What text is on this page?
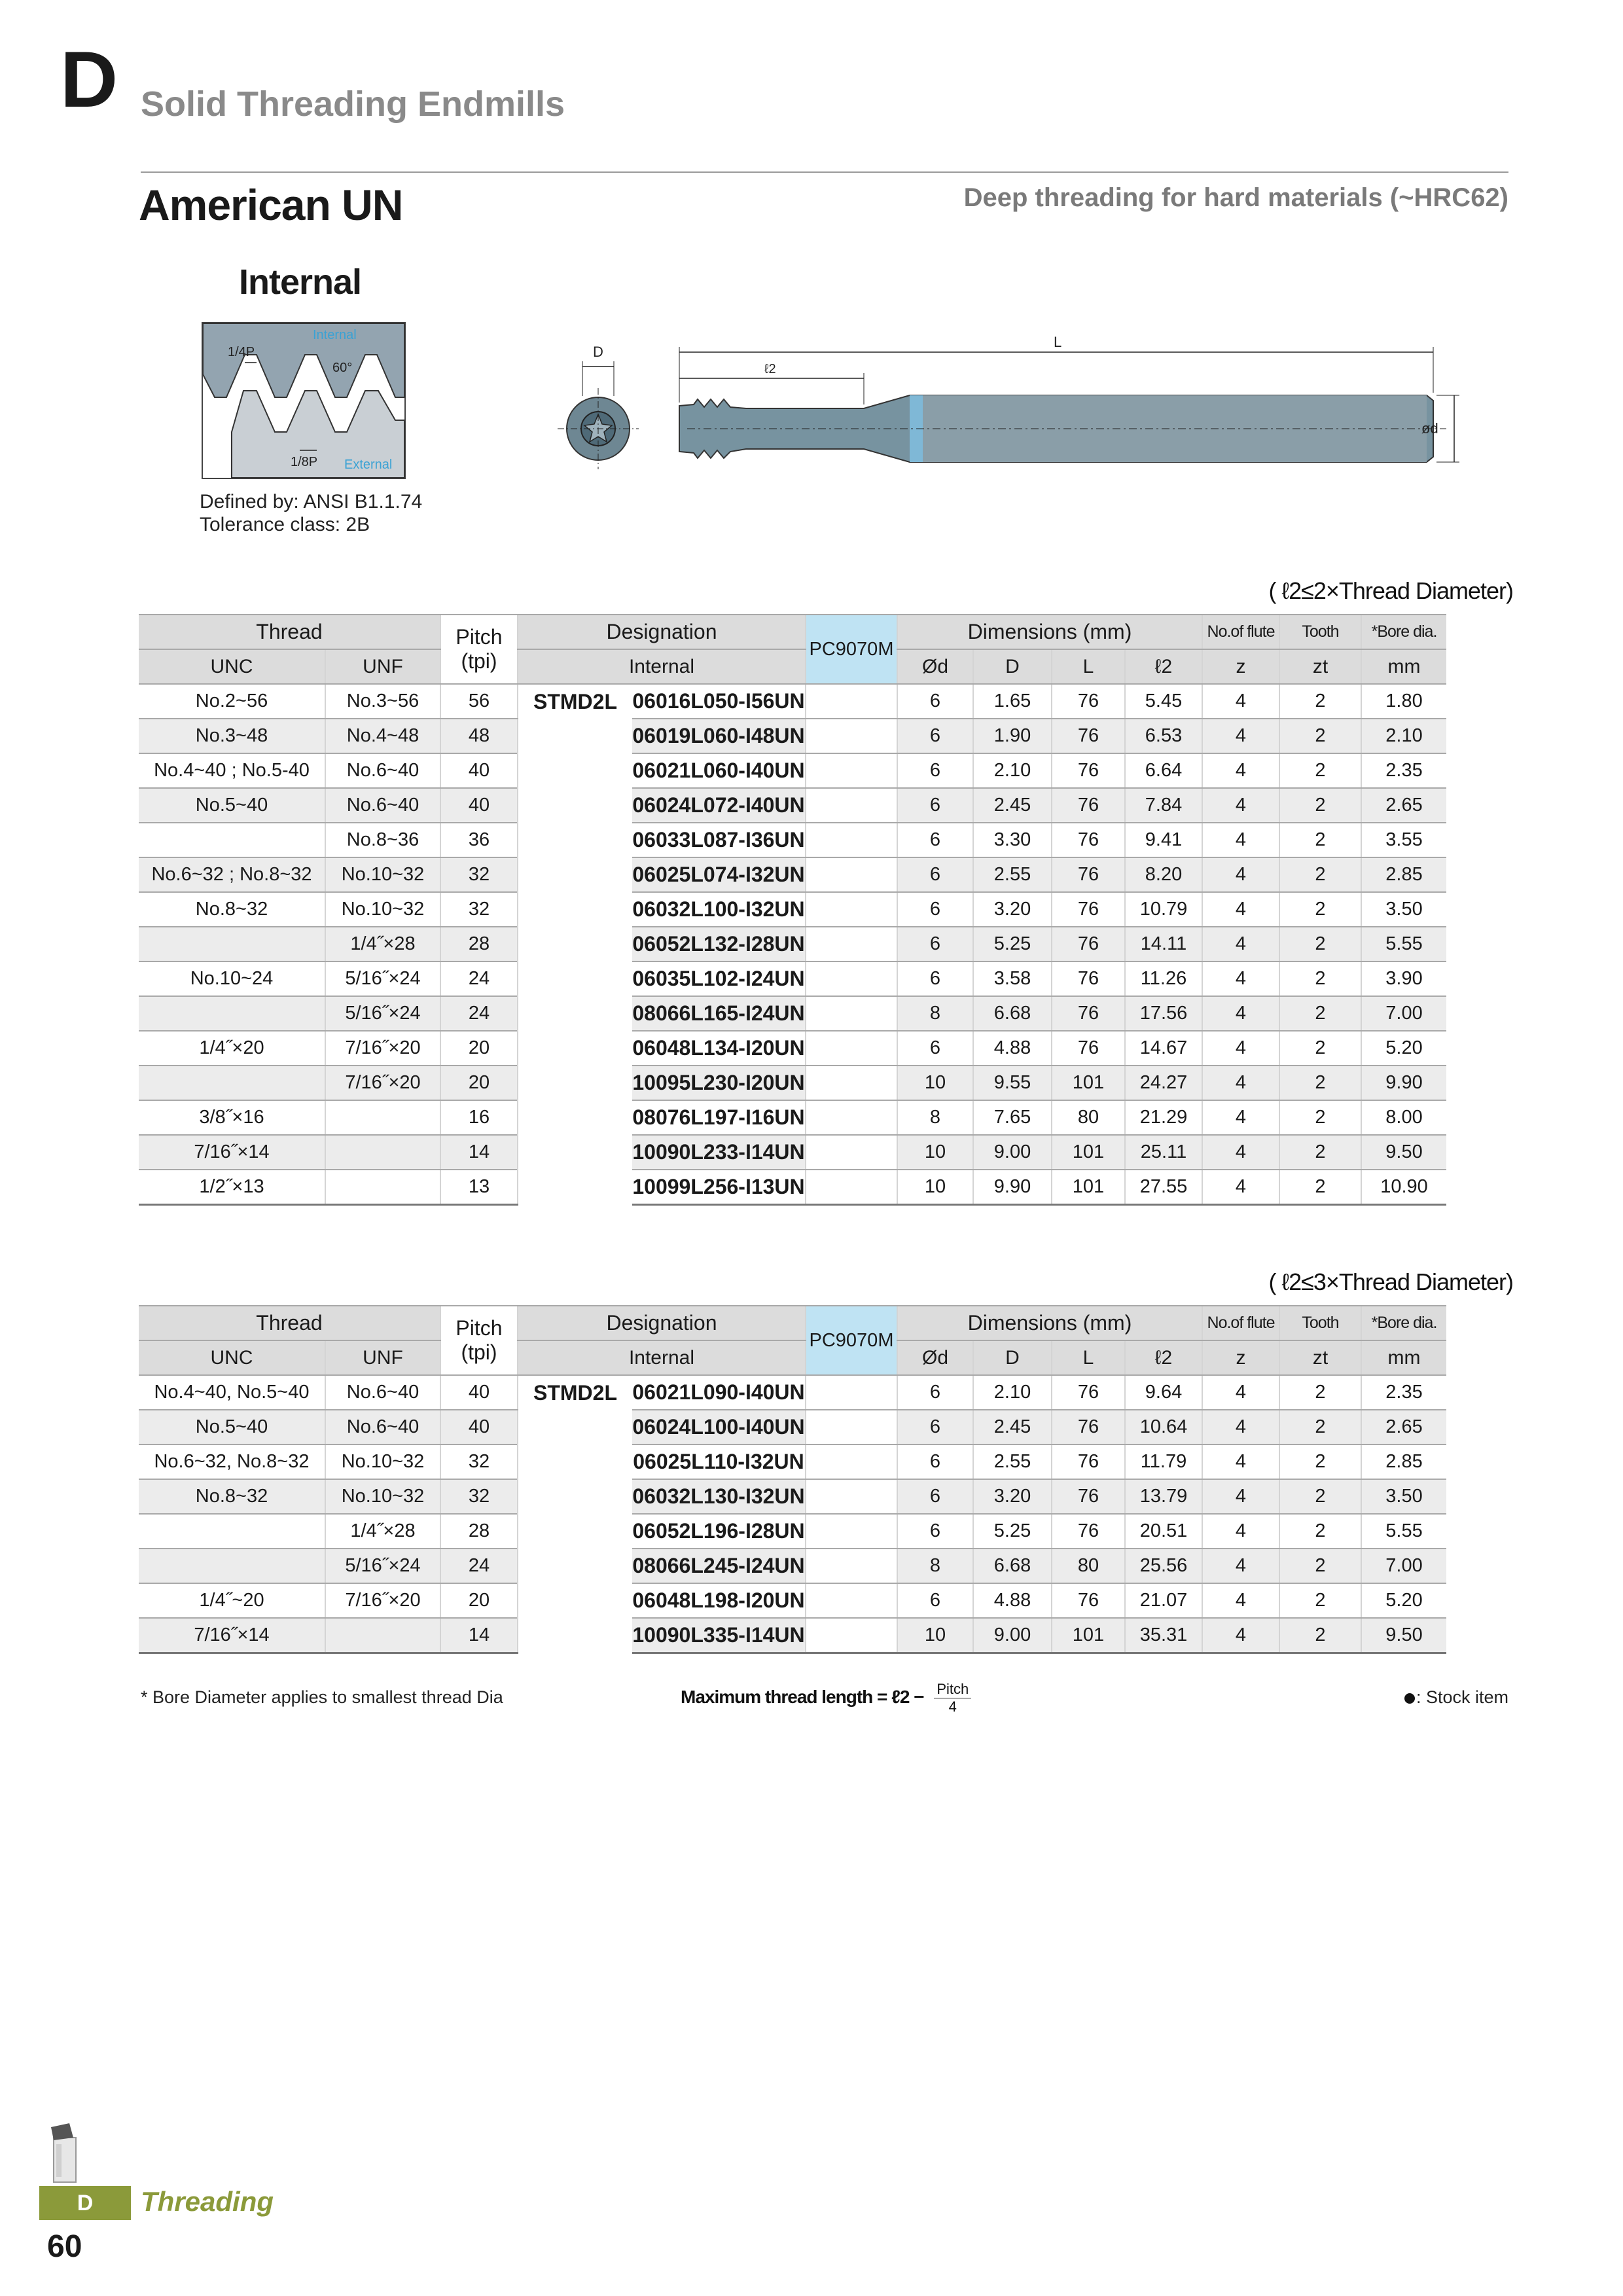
D Solid Threading Endmills
American UN	Deep threading for hard materials (~HRC62)
Internal
Internal
1/4P
60°
1/8P External
Defined by: ANSI B1.1.74
Tolerance class: 2B
D
L
ℓ2
ød
( ℓ2≤2×Thread Diameter)
Thread		Pitch
(tpi)	Designation		PC9070M	Dimensions (mm)				No.of flute	Tooth	*Bore dia.
UNC	UNF		Internal			Ød	D	L	ℓ2	z	zt	mm
No.2~56	No.3~56	56	STMD2L	06016L050-I56UN		6	1.65	76	5.45	4	2	1.80
No.3~48	No.4~48	48		06019L060-I48UN		6	1.90	76	6.53	4	2	2.10
No.4~40 ; No.5-40	No.6~40	40		06021L060-I40UN		6	2.10	76	6.64	4	2	2.35
No.5~40	No.6~40	40		06024L072-I40UN		6	2.45	76	7.84	4	2	2.65
	No.8~36	36		06033L087-I36UN		6	3.30	76	9.41	4	2	3.55
No.6~32 ; No.8~32	No.10~32	32		06025L074-I32UN		6	2.55	76	8.20	4	2	2.85
No.8~32	No.10~32	32		06032L100-I32UN		6	3.20	76	10.79	4	2	3.50
	1/4˝×28	28		06052L132-I28UN		6	5.25	76	14.11	4	2	5.55
No.10~24	5/16˝×24	24		06035L102-I24UN		6	3.58	76	11.26	4	2	3.90
	5/16˝×24	24		08066L165-I24UN		8	6.68	76	17.56	4	2	7.00
1/4˝×20	7/16˝×20	20		06048L134-I20UN		6	4.88	76	14.67	4	2	5.20
	7/16˝×20	20		10095L230-I20UN		10	9.55	101	24.27	4	2	9.90
3/8˝×16		16		08076L197-I16UN		8	7.65	80	21.29	4	2	8.00
7/16˝×14		14		10090L233-I14UN		10	9.00	101	25.11	4	2	9.50
1/2˝×13		13		10099L256-I13UN		10	9.90	101	27.55	4	2	10.90
( ℓ2≤3×Thread Diameter)
Thread		Pitch
(tpi)	Designation		PC9070M	Dimensions (mm)				No.of flute	Tooth	*Bore dia.
UNC	UNF		Internal			Ød	D	L	ℓ2	z	zt	mm
No.4~40, No.5~40	No.6~40	40	STMD2L	06021L090-I40UN		6	2.10	76	9.64	4	2	2.35
No.5~40	No.6~40	40		06024L100-I40UN		6	2.45	76	10.64	4	2	2.65
No.6~32, No.8~32	No.10~32	32		06025L110-I32UN		6	2.55	76	11.79	4	2	2.85
No.8~32	No.10~32	32		06032L130-I32UN		6	3.20	76	13.79	4	2	3.50
	1/4˝×28	28		06052L196-I28UN		6	5.25	76	20.51	4	2	5.55
	5/16˝×24	24		08066L245-I24UN		8	6.68	80	25.56	4	2	7.00
1/4˝~20	7/16˝×20	20		06048L198-I20UN		6	4.88	76	21.07	4	2	5.20
7/16˝×14		14		10090L335-I14UN		10	9.00	101	35.31	4	2	9.50
* Bore Diameter applies to smallest thread Dia	Maximum thread length = ℓ2 − Pitch
4	: Stock item
D	Threading
60
